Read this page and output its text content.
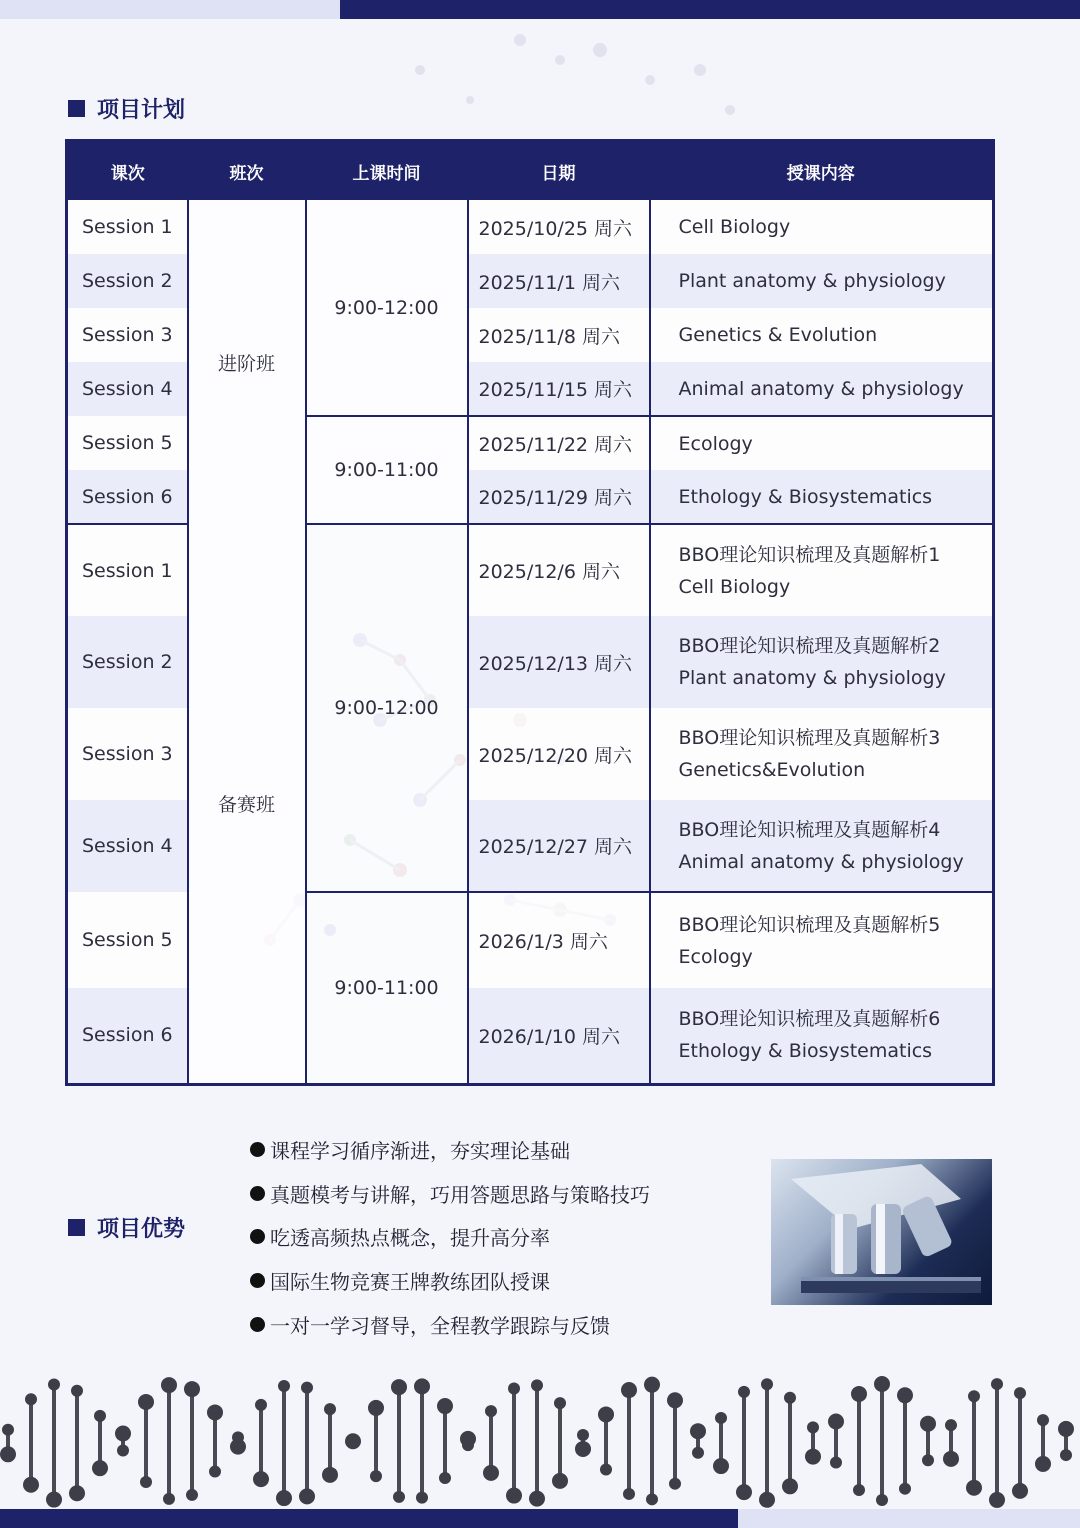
项目计划
课次	班次	上课时间	日期	授课内容
Session 1	进阶班	9:00-12:00	2025/10/25 周六	Cell Biology

Session 2			2025/11/1 周六	Plant anatomy & physiology

Session 3			2025/11/8 周六	Genetics & Evolution

Session 4			2025/11/15 周六	Animal anatomy & physiology

Session 5		9:00-11:00	2025/11/22 周六	Ecology

Session 6			2025/11/29 周六	Ethology & Biosystematics

Session 1	备赛班	9:00-12:00	2025/12/6 周六	BBO理论知识梳理及真题解析1
Cell Biology

Session 2			2025/12/13 周六	BBO理论知识梳理及真题解析2
Plant anatomy & physiology

Session 3			2025/12/20 周六	BBO理论知识梳理及真题解析3
Genetics&Evolution

Session 4			2025/12/27 周六	BBO理论知识梳理及真题解析4
Animal anatomy & physiology

Session 5		9:00-11:00	2026/1/3 周六	BBO理论知识梳理及真题解析5
Ecology

Session 6			2026/1/10 周六	BBO理论知识梳理及真题解析6
Ethology & Biosystematics
项目优势
课程学习循序渐进，夯实理论基础
真题模考与讲解，巧用答题思路与策略技巧
吃透高频热点概念，提升高分率
国际生物竞赛王牌教练团队授课
一对一学习督导，全程教学跟踪与反馈
